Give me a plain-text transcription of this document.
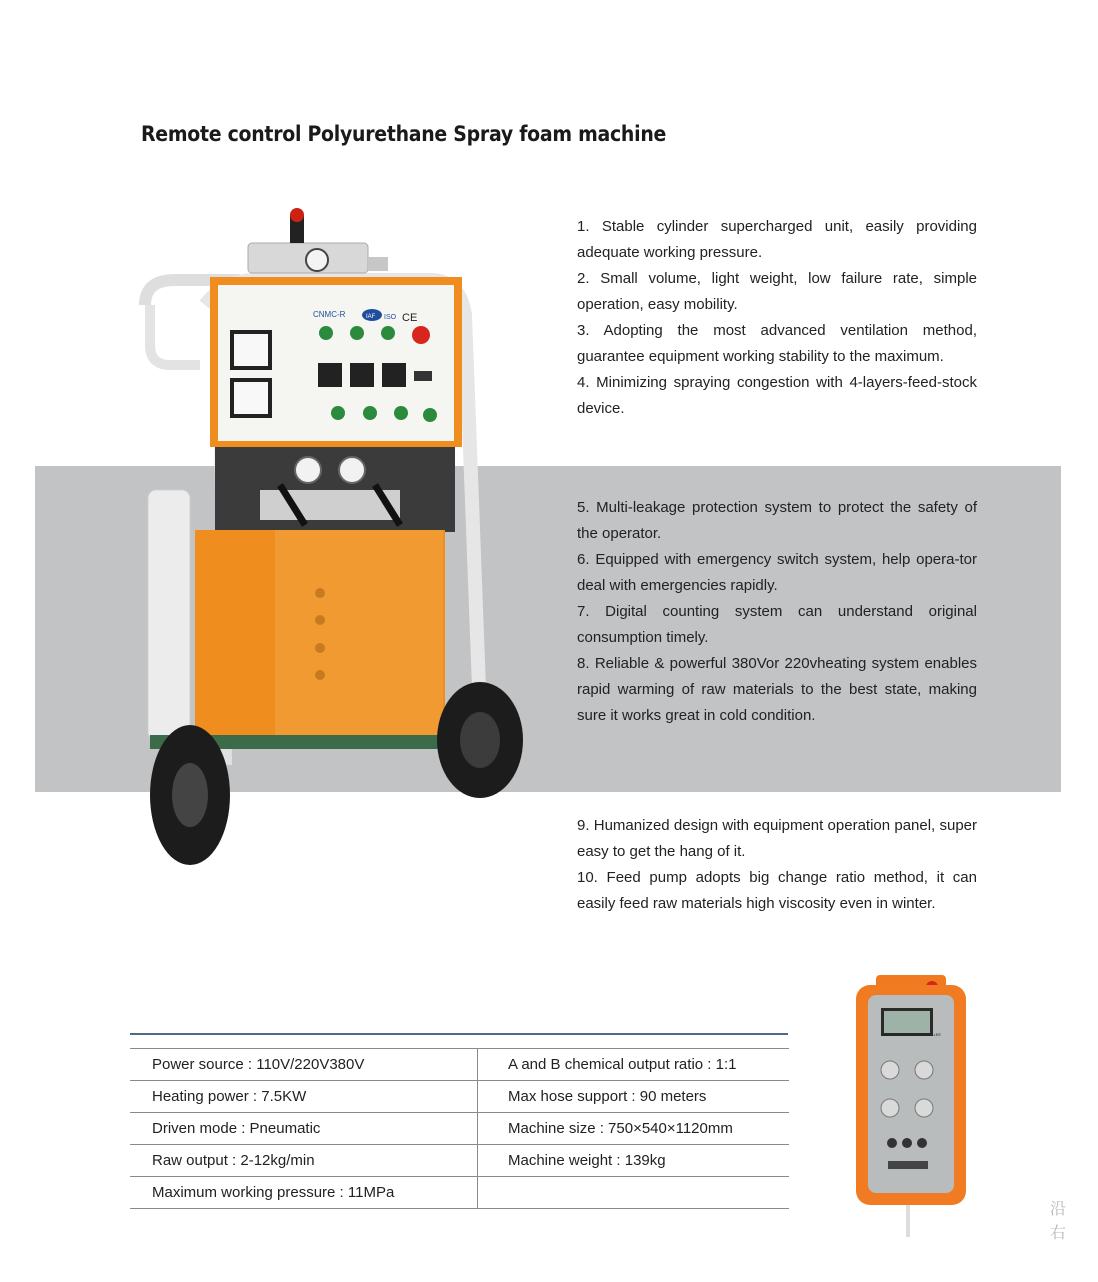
Remote control Polyurethane Spray foam machine
CNMC-R	IAF ISO CE
1. Stable cylinder supercharged unit, easily providing adequate working pressure.
2. Small volume, light weight, low failure rate, simple operation, easy mobility.
3. Adopting the most advanced ventilation method, guarantee equipment working stability to the maximum.
4. Minimizing spraying congestion with 4-layers-feed-stock device.
5. Multi-leakage protection system to protect the safety of the operator.
6. Equipped with emergency switch system, help opera-tor deal with emergencies rapidly.
7. Digital counting system can understand original consumption timely.
8. Reliable & powerful 380Vor 220vheating system enables rapid warming of raw materials to the best state, making sure it works great in cold condition.
9. Humanized design with equipment operation panel, super easy to get the hang of it.
10. Feed pump adopts big change ratio method, it can easily feed raw materials high viscosity even in winter.
Power source : 110V/220V380V	A and B chemical output ratio : 1:1
Heating power : 7.5KW	Max hose support : 90 meters
Driven mode : Pneumatic	Machine size : 750×540×1120mm
Raw output : 2-12kg/min	Machine weight : 139kg
Maximum working pressure : 11MPa	
INDUSTRY REMOTE CONTROLLER
沿
右
